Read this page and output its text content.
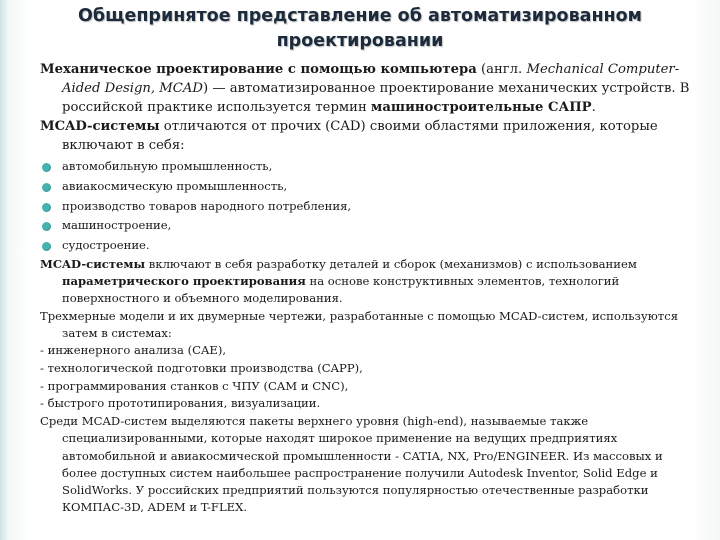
Общепринятое представление об автоматизированном
проектировании

Механическое проектирование с помощью компьютера (англ. Mechanical Computer-Aided Design, MCAD) — автоматизированное проектирование механических устройств. В российской практике используется термин машиностроительные САПР.

MCAD-системы отличаются от прочих (CAD) своими областями приложения, которые включают в себя:

автомобильную промышленность,
авиакосмическую промышленность,
производство товаров народного потребления,
машиностроение,
судостроение.

MCAD-системы включают в себя разработку деталей и сборок (механизмов) с использованием параметрического проектирования на основе конструктивных элементов, технологий поверхностного и объемного моделирования.

Трехмерные модели и их двумерные чертежи, разработанные с помощью MCAD-систем, используются затем в системах:

- инженерного анализа (CAE),

- технологической подготовки производства (CAPP),

- программирования станков с ЧПУ (CAM и CNC),

- быстрого прототипирования, визуализации.

Среди MCAD-систем выделяются пакеты верхнего уровня (high-end), называемые также специализированными, которые находят широкое применение на ведущих предприятиях автомобильной и авиакосмической промышленности - CATIA, NX, Pro/ENGINEER. Из массовых и более доступных систем наибольшее распространение получили Autodesk Inventor, Solid Edge и SolidWorks. У российских предприятий пользуются популярностью отечественные разработки КОМПАС-3D, ADEM и T-FLEX.
